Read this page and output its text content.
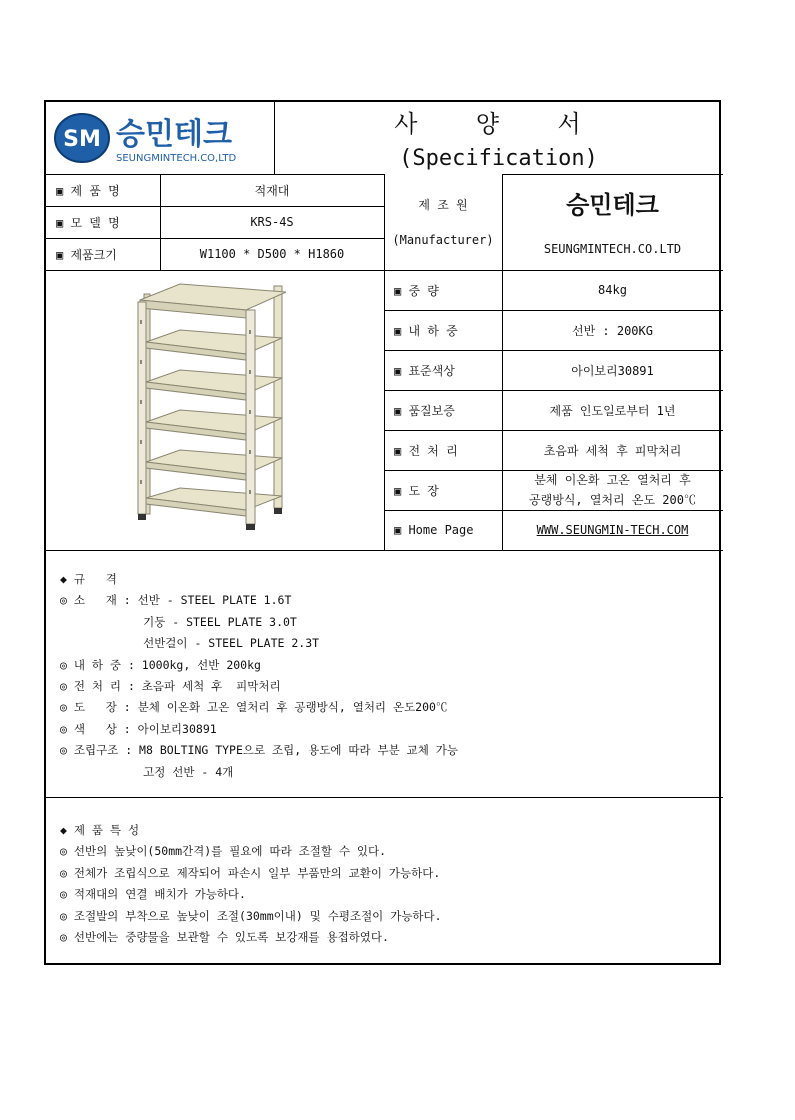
SM 승민테크
SEUNGMINTECH.CO,LTD
사 양 서
(Specification)
▣ 제 품 명	적재대
▣ 모 델 명	KRS-4S
▣ 제품크기	W1100 * D500 * H1860
제 조 원
(Manufacturer)
승민테크
SEUNGMINTECH.CO.LTD
▣ 중 량	84kg
▣ 내 하 중	선반 : 200KG
▣ 표준색상	아이보리30891
▣ 품질보증	제품 인도일로부터 1년
▣ 전 처 리	초음파 세척 후 피막처리
▣ 도 장
분체 이온화 고온 열처리 후
공랭방식, 열처리 온도 200℃
▣ Home Page	WWW.SEUNGMIN-TECH.COM
◆ 규   격
◎ 소   재 : 선반 - STEEL PLATE 1.6T
기둥 - STEEL PLATE 3.0T
선반걸이 - STEEL PLATE 2.3T
◎ 내 하 중 : 1000kg, 선반 200kg
◎ 전 처 리 : 초음파 세척 후  피막처리
◎ 도   장 : 분체 이온화 고온 열처리 후 공랭방식, 열처리 온도200℃
◎ 색   상 : 아이보리30891
◎ 조립구조 : M8 BOLTING TYPE으로 조립, 용도에 따라 부분 교체 가능
고정 선반 - 4개
◆ 제 품 특 성
◎ 선반의 높낮이(50mm간격)를 필요에 따라 조절할 수 있다.
◎ 전체가 조립식으로 제작되어 파손시 일부 부품만의 교환이 가능하다.
◎ 적재대의 연결 배치가 가능하다.
◎ 조절발의 부착으로 높낮이 조절(30mm이내) 및 수평조절이 가능하다.
◎ 선반에는 중량물을 보관할 수 있도록 보강재를 용접하였다.
